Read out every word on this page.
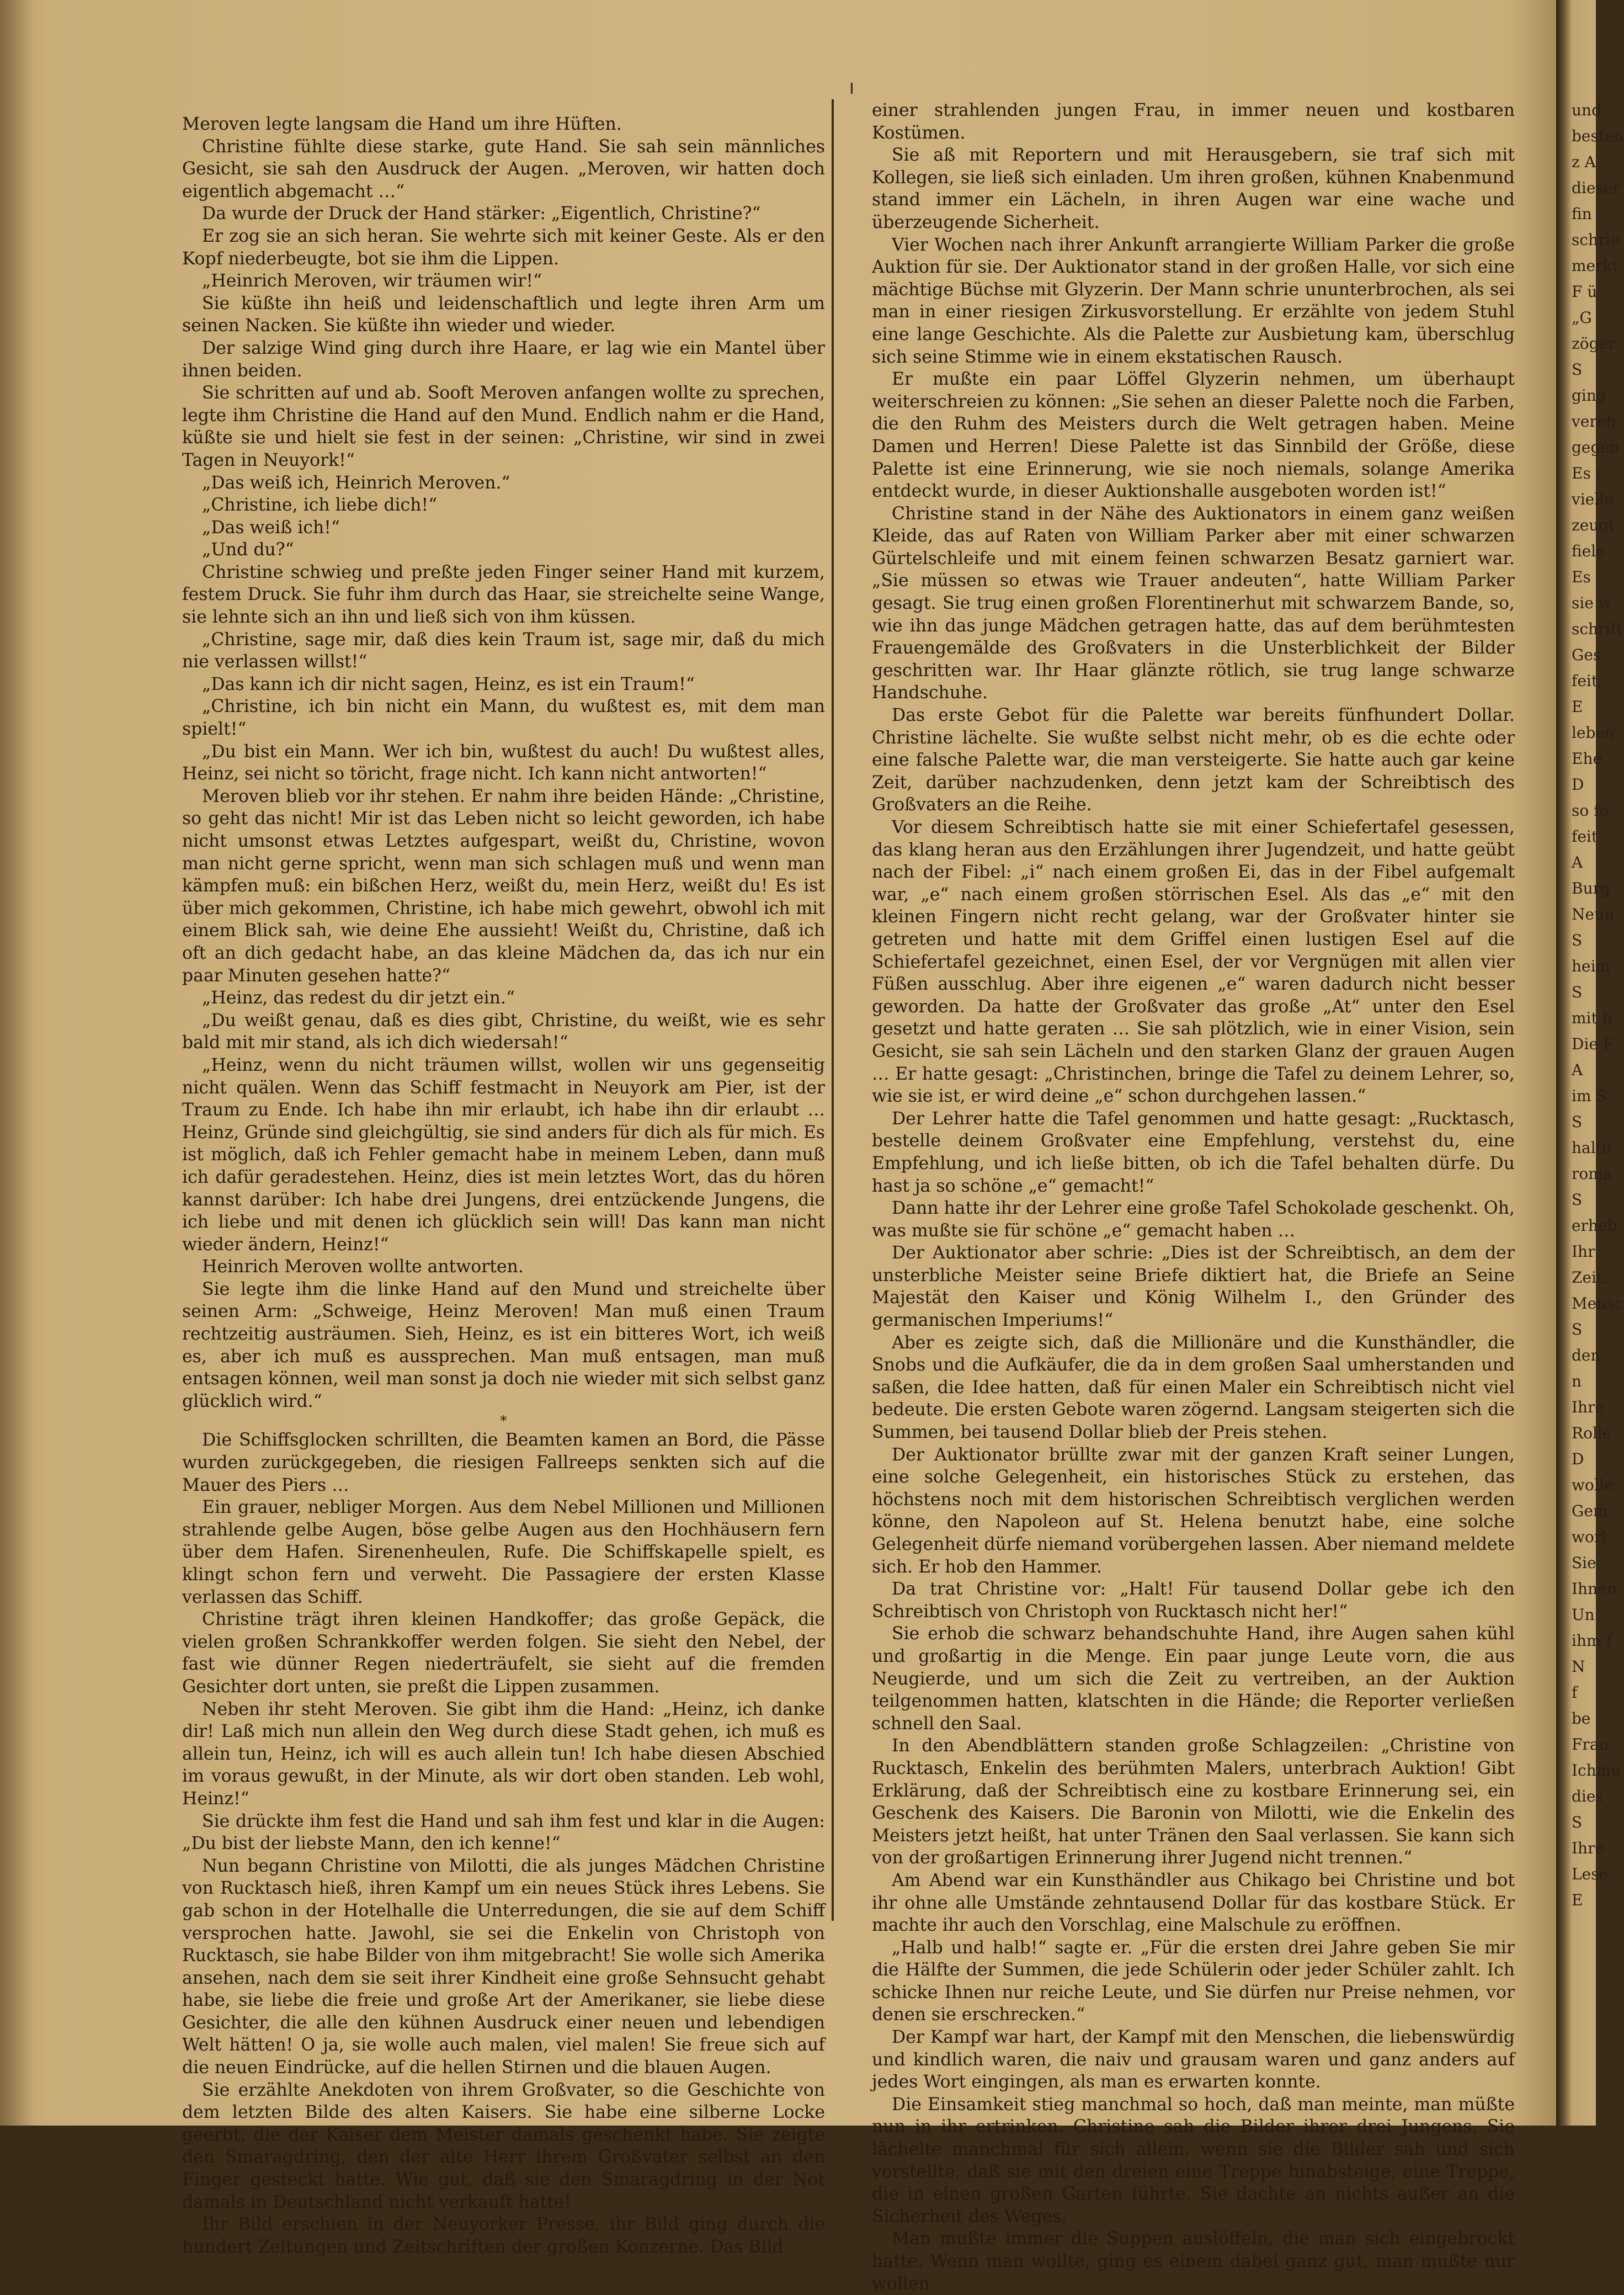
Meroven legte langsam die Hand um ihre Hüften.

Christine fühlte diese starke, gute Hand. Sie sah sein männliches Gesicht, sie sah den Ausdruck der Augen. „Meroven, wir hatten doch eigentlich abgemacht …“

Da wurde der Druck der Hand stärker: „Eigentlich, Christine?“

Er zog sie an sich heran. Sie wehrte sich mit keiner Geste. Als er den Kopf niederbeugte, bot sie ihm die Lippen.

„Heinrich Meroven, wir träumen wir!“

Sie küßte ihn heiß und leidenschaftlich und legte ihren Arm um seinen Nacken. Sie küßte ihn wieder und wieder.

Der salzige Wind ging durch ihre Haare, er lag wie ein Mantel über ihnen beiden.

Sie schritten auf und ab. Sooft Meroven anfangen wollte zu sprechen, legte ihm Christine die Hand auf den Mund. Endlich nahm er die Hand, küßte sie und hielt sie fest in der seinen: „Christine, wir sind in zwei Tagen in Neuyork!“

„Das weiß ich, Heinrich Meroven.“

„Christine, ich liebe dich!“

„Das weiß ich!“

„Und du?“

Christine schwieg und preßte jeden Finger seiner Hand mit kurzem, festem Druck. Sie fuhr ihm durch das Haar, sie streichelte seine Wange, sie lehnte sich an ihn und ließ sich von ihm küssen.

„Christine, sage mir, daß dies kein Traum ist, sage mir, daß du mich nie verlassen willst!“

„Das kann ich dir nicht sagen, Heinz, es ist ein Traum!“

„Christine, ich bin nicht ein Mann, du wußtest es, mit dem man spielt!“

„Du bist ein Mann. Wer ich bin, wußtest du auch! Du wußtest alles, Heinz, sei nicht so töricht, frage nicht. Ich kann nicht antworten!“

Meroven blieb vor ihr stehen. Er nahm ihre beiden Hände: „Christine, so geht das nicht! Mir ist das Leben nicht so leicht geworden, ich habe nicht umsonst etwas Letztes aufgespart, weißt du, Christine, wovon man nicht gerne spricht, wenn man sich schlagen muß und wenn man kämpfen muß: ein bißchen Herz, weißt du, mein Herz, weißt du! Es ist über mich gekommen, Christine, ich habe mich gewehrt, obwohl ich mit einem Blick sah, wie deine Ehe aussieht! Weißt du, Christine, daß ich oft an dich gedacht habe, an das kleine Mädchen da, das ich nur ein paar Minuten gesehen hatte?“

„Heinz, das redest du dir jetzt ein.“

„Du weißt genau, daß es dies gibt, Christine, du weißt, wie es sehr bald mit mir stand, als ich dich wiedersah!“

„Heinz, wenn du nicht träumen willst, wollen wir uns gegenseitig nicht quälen. Wenn das Schiff festmacht in Neuyork am Pier, ist der Traum zu Ende. Ich habe ihn mir erlaubt, ich habe ihn dir erlaubt … Heinz, Gründe sind gleichgültig, sie sind anders für dich als für mich. Es ist möglich, daß ich Fehler gemacht habe in meinem Leben, dann muß ich dafür geradestehen. Heinz, dies ist mein letztes Wort, das du hören kannst darüber: Ich habe drei Jungens, drei entzückende Jungens, die ich liebe und mit denen ich glücklich sein will! Das kann man nicht wieder ändern, Heinz!“

Heinrich Meroven wollte antworten.

Sie legte ihm die linke Hand auf den Mund und streichelte über seinen Arm: „Schweige, Heinz Meroven! Man muß einen Traum rechtzeitig austräumen. Sieh, Heinz, es ist ein bitteres Wort, ich weiß es, aber ich muß es aussprechen. Man muß entsagen, man muß entsagen können, weil man sonst ja doch nie wieder mit sich selbst ganz glücklich wird.“

*

Die Schiffsglocken schrillten, die Beamten kamen an Bord, die Pässe wurden zurückgegeben, die riesigen Fallreeps senkten sich auf die Mauer des Piers …

Ein grauer, nebliger Morgen. Aus dem Nebel Millionen und Millionen strahlende gelbe Augen, böse gelbe Augen aus den Hochhäusern fern über dem Hafen. Sirenenheulen, Rufe. Die Schiffskapelle spielt, es klingt schon fern und verweht. Die Passagiere der ersten Klasse verlassen das Schiff.

Christine trägt ihren kleinen Handkoffer; das große Gepäck, die vielen großen Schrankkoffer werden folgen. Sie sieht den Nebel, der fast wie dünner Regen niederträufelt, sie sieht auf die fremden Gesichter dort unten, sie preßt die Lippen zusammen.

Neben ihr steht Meroven. Sie gibt ihm die Hand: „Heinz, ich danke dir! Laß mich nun allein den Weg durch diese Stadt gehen, ich muß es allein tun, Heinz, ich will es auch allein tun! Ich habe diesen Abschied im voraus gewußt, in der Minute, als wir dort oben standen. Leb wohl, Heinz!“

Sie drückte ihm fest die Hand und sah ihm fest und klar in die Augen: „Du bist der liebste Mann, den ich kenne!“

Nun begann Christine von Milotti, die als junges Mädchen Christine von Rucktasch hieß, ihren Kampf um ein neues Stück ihres Lebens. Sie gab schon in der Hotelhalle die Unterredungen, die sie auf dem Schiff versprochen hatte. Jawohl, sie sei die Enkelin von Christoph von Rucktasch, sie habe Bilder von ihm mitgebracht! Sie wolle sich Amerika ansehen, nach dem sie seit ihrer Kindheit eine große Sehnsucht gehabt habe, sie liebe die freie und große Art der Amerikaner, sie liebe diese Gesichter, die alle den kühnen Ausdruck einer neuen und lebendigen Welt hätten! O ja, sie wolle auch malen, viel malen! Sie freue sich auf die neuen Eindrücke, auf die hellen Stirnen und die blauen Augen.

Sie erzählte Anekdoten von ihrem Großvater, so die Geschichte von dem letzten Bilde des alten Kaisers. Sie habe eine silberne Locke geerbt, die der Kaiser dem Meister damals geschenkt habe. Sie zeigte den Smaragdring, den der alte Herr ihrem Großvater selbst an den Finger gesteckt hatte. Wie gut, daß sie den Smaragdring in der Not damals in Deutschland nicht verkauft hatte!

Ihr Bild erschien in der Neuyorker Presse, ihr Bild ging durch die hundert Zeitungen und Zeitschriften der großen Konzerne. Das Bild

einer strahlenden jungen Frau, in immer neuen und kostbaren Kostümen.

Sie aß mit Reportern und mit Herausgebern, sie traf sich mit Kollegen, sie ließ sich einladen. Um ihren großen, kühnen Knabenmund stand immer ein Lächeln, in ihren Augen war eine wache und überzeugende Sicherheit.

Vier Wochen nach ihrer Ankunft arrangierte William Parker die große Auktion für sie. Der Auktionator stand in der großen Halle, vor sich eine mächtige Büchse mit Glyzerin. Der Mann schrie ununterbrochen, als sei man in einer riesigen Zirkusvorstellung. Er erzählte von jedem Stuhl eine lange Geschichte. Als die Palette zur Ausbietung kam, überschlug sich seine Stimme wie in einem ekstatischen Rausch.

Er mußte ein paar Löffel Glyzerin nehmen, um überhaupt weiterschreien zu können: „Sie sehen an dieser Palette noch die Farben, die den Ruhm des Meisters durch die Welt getragen haben. Meine Damen und Herren! Diese Palette ist das Sinnbild der Größe, diese Palette ist eine Erinnerung, wie sie noch niemals, solange Amerika entdeckt wurde, in dieser Auktionshalle ausgeboten worden ist!“

Christine stand in der Nähe des Auktionators in einem ganz weißen Kleide, das auf Raten von William Parker aber mit einer schwarzen Gürtelschleife und mit einem feinen schwarzen Besatz garniert war. „Sie müssen so etwas wie Trauer andeuten“, hatte William Parker gesagt. Sie trug einen großen Florentinerhut mit schwarzem Bande, so, wie ihn das junge Mädchen getragen hatte, das auf dem berühmtesten Frauengemälde des Großvaters in die Unsterblichkeit der Bilder geschritten war. Ihr Haar glänzte rötlich, sie trug lange schwarze Handschuhe.

Das erste Gebot für die Palette war bereits fünfhundert Dollar. Christine lächelte. Sie wußte selbst nicht mehr, ob es die echte oder eine falsche Palette war, die man versteigerte. Sie hatte auch gar keine Zeit, darüber nachzudenken, denn jetzt kam der Schreibtisch des Großvaters an die Reihe.

Vor diesem Schreibtisch hatte sie mit einer Schiefertafel gesessen, das klang heran aus den Erzählungen ihrer Jugendzeit, und hatte geübt nach der Fibel: „i“ nach einem großen Ei, das in der Fibel aufgemalt war, „e“ nach einem großen störrischen Esel. Als das „e“ mit den kleinen Fingern nicht recht gelang, war der Großvater hinter sie getreten und hatte mit dem Griffel einen lustigen Esel auf die Schiefertafel gezeichnet, einen Esel, der vor Vergnügen mit allen vier Füßen ausschlug. Aber ihre eigenen „e“ waren dadurch nicht besser geworden. Da hatte der Großvater das große „At“ unter den Esel gesetzt und hatte geraten … Sie sah plötzlich, wie in einer Vision, sein Gesicht, sie sah sein Lächeln und den starken Glanz der grauen Augen … Er hatte gesagt: „Christinchen, bringe die Tafel zu deinem Lehrer, so, wie sie ist, er wird deine „e“ schon durchgehen lassen.“

Der Lehrer hatte die Tafel genommen und hatte gesagt: „Rucktasch, bestelle deinem Großvater eine Empfehlung, verstehst du, eine Empfehlung, und ich ließe bitten, ob ich die Tafel behalten dürfe. Du hast ja so schöne „e“ gemacht!“

Dann hatte ihr der Lehrer eine große Tafel Schokolade geschenkt. Oh, was mußte sie für schöne „e“ gemacht haben …

Der Auktionator aber schrie: „Dies ist der Schreibtisch, an dem der unsterbliche Meister seine Briefe diktiert hat, die Briefe an Seine Majestät den Kaiser und König Wilhelm I., den Gründer des germanischen Imperiums!“

Aber es zeigte sich, daß die Millionäre und die Kunsthändler, die Snobs und die Aufkäufer, die da in dem großen Saal umherstanden und saßen, die Idee hatten, daß für einen Maler ein Schreibtisch nicht viel bedeute. Die ersten Gebote waren zögernd. Langsam steigerten sich die Summen, bei tausend Dollar blieb der Preis stehen.

Der Auktionator brüllte zwar mit der ganzen Kraft seiner Lungen, eine solche Gelegenheit, ein historisches Stück zu erstehen, das höchstens noch mit dem historischen Schreibtisch verglichen werden könne, den Napoleon auf St. Helena benutzt habe, eine solche Gelegenheit dürfe niemand vorübergehen lassen. Aber niemand meldete sich. Er hob den Hammer.

Da trat Christine vor: „Halt! Für tausend Dollar gebe ich den Schreibtisch von Christoph von Rucktasch nicht her!“

Sie erhob die schwarz behandschuhte Hand, ihre Augen sahen kühl und großartig in die Menge. Ein paar junge Leute vorn, die aus Neugierde, und um sich die Zeit zu vertreiben, an der Auktion teilgenommen hatten, klatschten in die Hände; die Reporter verließen schnell den Saal.

In den Abendblättern standen große Schlagzeilen: „Christine von Rucktasch, Enkelin des berühmten Malers, unterbrach Auktion! Gibt Erklärung, daß der Schreibtisch eine zu kostbare Erinnerung sei, ein Geschenk des Kaisers. Die Baronin von Milotti, wie die Enkelin des Meisters jetzt heißt, hat unter Tränen den Saal verlassen. Sie kann sich von der großartigen Erinnerung ihrer Jugend nicht trennen.“

Am Abend war ein Kunsthändler aus Chikago bei Christine und bot ihr ohne alle Umstände zehntausend Dollar für das kostbare Stück. Er machte ihr auch den Vorschlag, eine Malschule zu eröffnen.

„Halb und halb!“ sagte er. „Für die ersten drei Jahre geben Sie mir die Hälfte der Summen, die jede Schülerin oder jeder Schüler zahlt. Ich schicke Ihnen nur reiche Leute, und Sie dürfen nur Preise nehmen, vor denen sie erschrecken.“

Der Kampf war hart, der Kampf mit den Menschen, die liebenswürdig und kindlich waren, die naiv und grausam waren und ganz anders auf jedes Wort eingingen, als man es erwarten konnte.

Die Einsamkeit stieg manchmal so hoch, daß man meinte, man müßte nun in ihr ertrinken. Christine sah die Bilder ihrer drei Jungens. Sie lächelte manchmal für sich allein, wenn sie die Bilder sah und sich vorstellte, daß sie mit den dreien eine Treppe hinabsteige, eine Treppe, die in einen großen Garten führte. Sie dachte an nichts außer an die Sicherheit des Weges.

Man mußte immer die Suppen auslöffeln, die man sich eingebrockt hatte. Wenn man wollte, ging es einem dabei ganz gut, man mußte nur wollen

und
besten
z A
dieser
fin
schrie
merkt
F ü
„G
zöger
S
ging
vereh
gegen
Es i
vielle
zeugi
fiele
Es
sie w
schrift
Ges
feit,
E
leben
Ehe
D
so fe
feit
A
Burg
Neun
S
heim
S
mit b
Die F
A
im S
S
haltu
roma
S
erheb
Ihr
Zeit,
Mensc
S
den
n
Ihre
Rolle
D
wolle
Gem
worl
Sie
Ihnen
Un
ihm f
N
f
be
Frau
Ichmu
dies
S
Ihre
Lese
E
